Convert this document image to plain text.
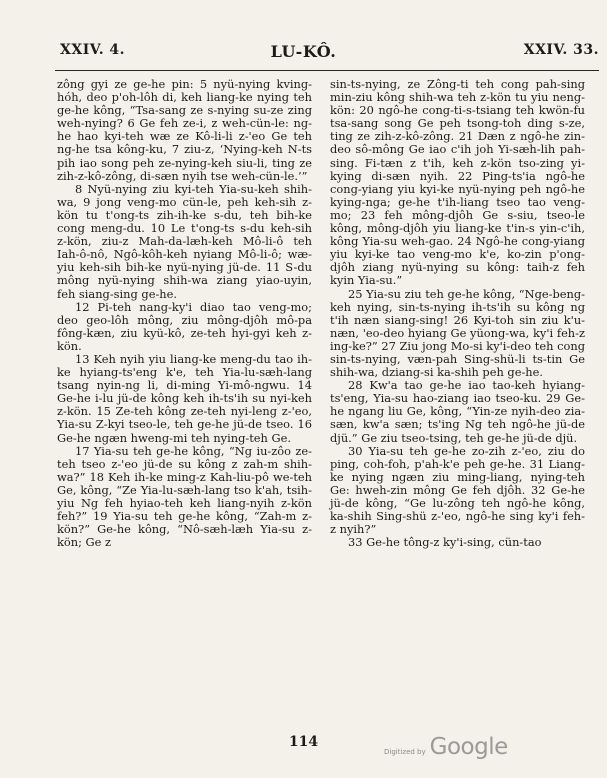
XXIV. 4.	LU-KÔ.	XXIV. 33.

zông gyi ze ge-he pin: 5 nyü-nying kving-hóh, deo p'oh-lôh di, keh liang-ke nying teh ge-he kông, “Tsa-sang ze s-nying su-ze zing weh-nying? 6 Ge feh ze-i, z weh-cün-le: ng-he hao kyi-teh wæ ze Kô-li-li z-'eo Ge teh ng-he tsa kông-ku, 7 ziu-z, ‘Nying-keh N-ts pih iao song peh ze-nying-keh siu-li, ting ze zih-z-kô-zông, di-sæn nyih tse weh-cün-le.’”

8 Nyü-nying ziu kyi-teh Yia-su-keh shih-wa, 9 jong veng-mo cün-le, peh keh-sih z-kön tu t'ong-ts zih-ih-ke s-du, teh bih-ke cong meng-du. 10 Le t'ong-ts s-du keh-sih z-kön, ziu-z Mah-da-læh-keh Mô-li-ô teh Iah-ô-nô, Ngô-kôh-keh nyiang Mô-li-ô; wæ-yiu keh-sih bih-ke nyü-nying jü-de. 11 S-du mông nyü-nying shih-wa ziang yiao-uyin, feh siang-sing ge-he.

12 Pi-teh nang-ky'i diao tao veng-mo; deo geo-lôh mông, ziu mông-djôh mô-pa fông-kæn, ziu kyü-kô, ze-teh hyi-gyi keh z-kön.

13 Keh nyih yiu liang-ke meng-du tao ih-ke hyiang-ts'eng k'e, teh Yia-lu-sæh-lang tsang nyin-ng li, di-ming Yi-mô-ngwu. 14 Ge-he i-lu jü-de kông keh ih-ts'ih su nyi-keh z-kön. 15 Ze-teh kông ze-teh nyi-leng z-'eo, Yia-su Z-kyi tseo-le, teh ge-he jü-de tseo. 16 Ge-he ngæn hweng-mi teh nying-teh Ge.

17 Yia-su teh ge-he kông, “Ng iu-zôo ze-teh tseo z-'eo jü-de su kông z zah-m shih-wa?” 18 Keh ih-ke ming-z Kah-liu-pô we-teh Ge, kông, “Ze Yia-lu-sæh-lang tso k'ah, tsih-yiu Ng feh hyiao-teh keh liang-nyih z-kön feh?” 19 Yia-su teh ge-he kông, “Zah-m z-kön?” Ge-he kông, “Nô-sæh-læh Yia-su z-kön; Ge z

sin-ts-nying, ze Zông-ti teh cong pah-sing min-ziu kông shih-wa teh z-kön tu yiu neng-kön: 20 ngô-he cong-ti-s-tsiang teh kwön-fu tsa-sang song Ge peh tsong-toh ding s-ze, ting ze zih-z-kô-zông. 21 Dæn z ngô-he zin-deo sô-mông Ge iao c'ih joh Yi-sæh-lih pah-sing. Fi-tæn z t'ih, keh z-kön tso-zing yi-kying di-sæn nyih. 22 Ping-ts'ia ngô-he cong-yiang yiu kyi-ke nyü-nying peh ngô-he kying-nga; ge-he t'ih-liang tseo tao veng-mo; 23 feh mông-djôh Ge s-siu, tseo-le kông, mông-djôh yiu liang-ke t'in-s yin-c'ih, kông Yia-su weh-gao. 24 Ngô-he cong-yiang yiu kyi-ke tao veng-mo k'e, ko-zin p'ong-djôh ziang nyü-nying su kông: taih-z feh kyin Yia-su.”

25 Yia-su ziu teh ge-he kông, “Nge-beng-keh nying, sin-ts-nying ih-ts'ih su kông ng t'ih næn siang-sing! 26 Kyi-toh sin ziu k'u-næn, 'eo-deo hyiang Ge yüong-wa, ky'i feh-z ing-ke?” 27 Ziu jong Mo-si ky'i-deo teh cong sin-ts-nying, væn-pah Sing-shü-li ts-tin Ge shih-wa, dziang-si ka-shih peh ge-he.

28 Kw'a tao ge-he iao tao-keh hyiang-ts'eng, Yia-su hao-ziang iao tseo-ku. 29 Ge-he ngang liu Ge, kông, “Yin-ze nyih-deo zia-sæn, kw'a sæn; ts'ing Ng teh ngô-he jü-de djü.” Ge ziu tseo-tsing, teh ge-he jü-de djü.

30 Yia-su teh ge-he zo-zih z-'eo, ziu do ping, coh-foh, p'ah-k'e peh ge-he. 31 Liang-ke nying ngæn ziu ming-liang, nying-teh Ge: hweh-zin mông Ge feh djôh. 32 Ge-he jü-de kông, “Ge lu-zông teh ngô-he kông, ka-shih Sing-shü z-'eo, ngô-he sing ky'i feh-z nyih?”

33 Ge-he tông-z ky'i-sing, cün-tao

114
Digitized by Google
